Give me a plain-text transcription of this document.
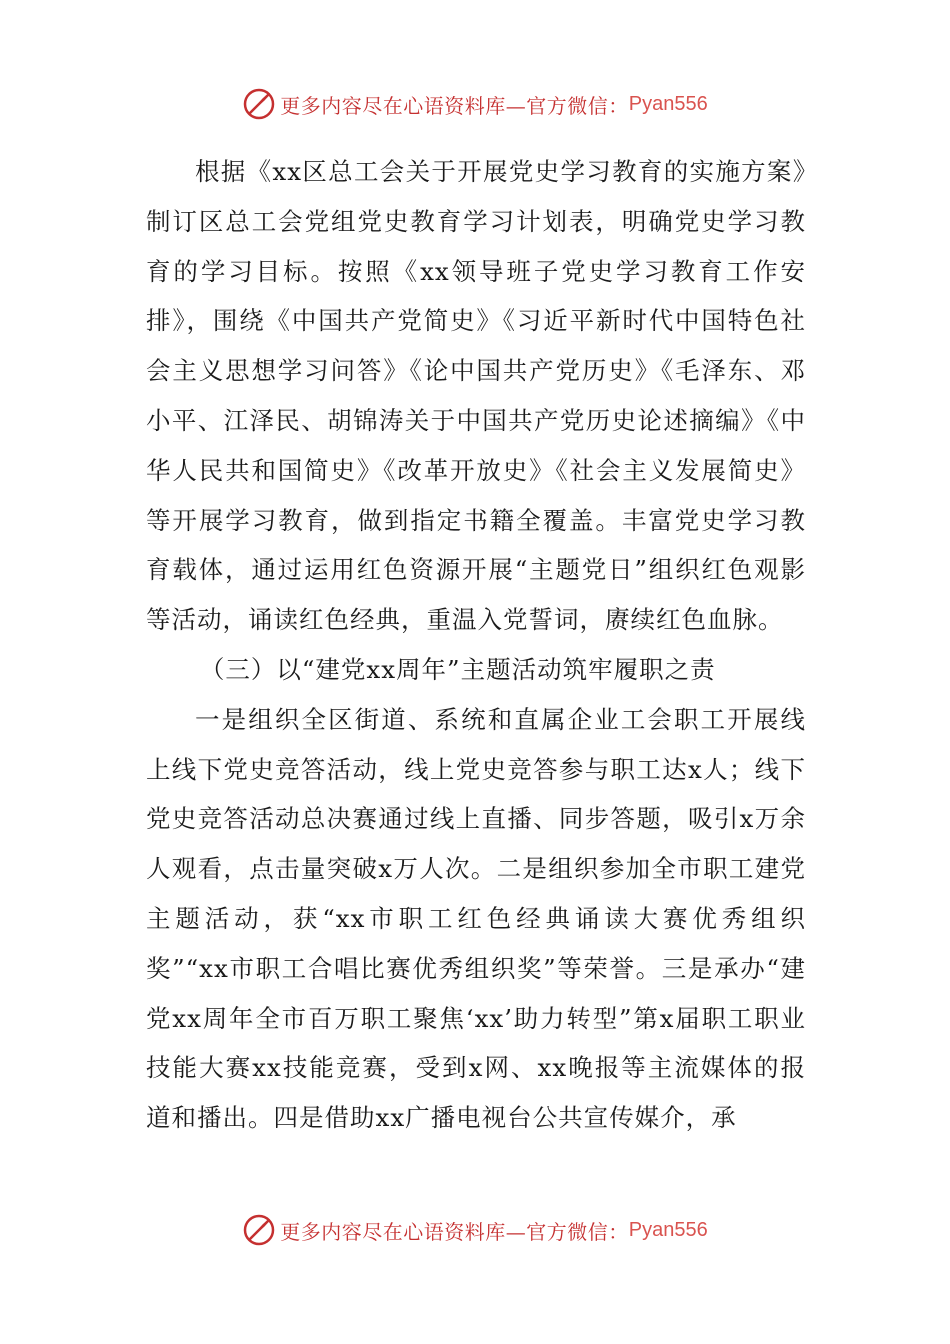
更多内容尽在心语资料库—官方微信： Pyan556

根据《xx区总工会关于开展党史学习教育的实施方案》制订区总工会党组党史教育学习计划表，明确党史学习教育的学习目标。按照《xx领导班子党史学习教育工作安排》，围绕《中国共产党简史》《习近平新时代中国特色社会主义思想学习问答》《论中国共产党历史》《毛泽东、邓小平、江泽民、胡锦涛关于中国共产党历史论述摘编》《中华人民共和国简史》《改革开放史》《社会主义发展简史》等开展学习教育，做到指定书籍全覆盖。丰富党史学习教育载体，通过运用红色资源开展“主题党日”组织红色观影等活动，诵读红色经典，重温入党誓词，赓续红色血脉。

（三）以“建党xx周年”主题活动筑牢履职之责

一是组织全区街道、系统和直属企业工会职工开展线上线下党史竞答活动，线上党史竞答参与职工达x人；线下党史竞答活动总决赛通过线上直播、同步答题，吸引x万余人观看，点击量突破x万人次。二是组织参加全市职工建党主题活动，获“xx市职工红色经典诵读大赛优秀组织奖”“xx市职工合唱比赛优秀组织奖”等荣誉。三是承办“建党xx周年全市百万职工聚焦‘xx’助力转型”第x届职工职业技能大赛xx技能竞赛，受到x网、xx晚报等主流媒体的报道和播出。四是借助xx广播电视台公共宣传媒介，承

更多内容尽在心语资料库—官方微信： Pyan556
